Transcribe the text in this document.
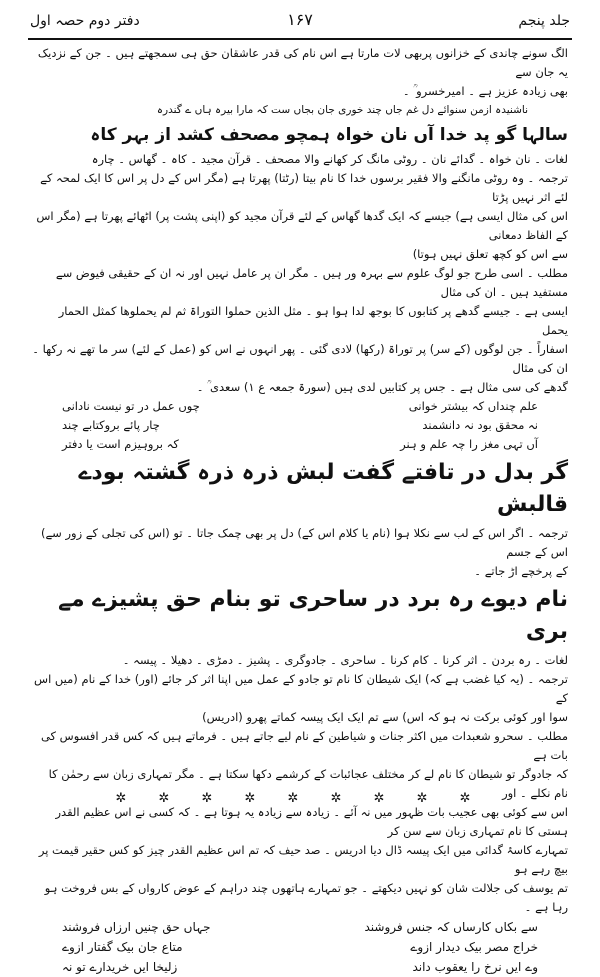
جلد پنجم
۱۶۷
دفتر دوم حصہ اول

الگ سونے چاندی کے خزانوں پربھی لات مارتا ہے اس نام کی قدر عاشقان حق ہی سمجھتے ہیں ۔ جن کے نزدیک یہ جان سے

بھی زیادہ عزیز ہے ۔ امیرخسرو ؒ ۔

ناشنیدہ ازمن سنوائے دل غم جاں چند خوری جان بجاں ست کہ مارا بیرہ ہاں ے گندرہ

سالہا گو پد خدا آں نان خواہ ہمچو مصحف کشد از بہر کاہ

لغات ۔ نان خواہ ۔ گدائے نان ۔ روٹی مانگ کر کھانے والا مصحف ۔ قرآن مجید ۔ کاہ ۔ گھاس ۔ چارہ

ترجمہ ۔ وہ روٹی مانگنے والا فقیر برسوں خدا کا نام بیتا (رٹتا) پھرتا ہے (مگر اس کے دل پر اس کا ایک لمحہ کے لئے اثر نہیں پڑتا

اس کی مثال ایسی ہے) جیسے کہ ایک گدھا گھاس کے لئے قرآن مجید کو (اپنی پشت پر) اٹھائے پھرتا ہے (مگر اس کے الفاظ دمعانی

سے اس کو کچھ تعلق نہیں ہوتا)

مطلب ۔ اسی طرح جو لوگ علوم سے بہرہ ور ہیں ۔ مگر ان پر عامل نہیں اور نہ ان کے حقیقی فیوض سے مستفید ہیں ۔ ان کی مثال

ایسی ہے ۔ جیسے گدھے پر کتابوں کا بوجھ لدا ہوا ہو ۔ مثل الذین حملوا التوراۃ ثم لم یحملوھا کمثل الحمار یحمل

اسفاراً ۔ جن لوگوں (کے سر) پر توراۃ (رکھا) لادی گئی ۔ پھر انہوں نے اس کو (عمل کے لئے) سر ما تھے نہ رکھا ۔ ان کی مثال

گدھے کی سی مثال ہے ۔ جس پر کتابیں لدی ہیں (سورۃ جمعہ ع ۱) سعدی ؒ ۔

علم چنداں کہ بیشتر خوانی
چوں عمل در تو نیست نادانی
نہ محقق بود نہ دانشمند
چار پائے بروکتابے چند
آں تہی مغز را چہ علم و ہنر
کہ بروہیزم است یا دفتر

گر بدل در تافتے گفت لبش ذرہ ذرہ گشتہ بودے قالبش

ترجمہ ۔ اگر اس کے لب سے نکلا ہوا (نام یا کلام اس کے) دل پر بھی چمک جاتا ۔ تو (اس کی تجلی کے زور سے) اس کے جسم

کے پرخچے اڑ جاتے ۔

نام دیوے رہ برد در ساحری تو بنام حق پشیزے مے بری

لغات ۔ رہ بردن ۔ اثر کرنا ۔ کام کرنا ۔ ساحری ۔ جادوگری ۔ پشیز ۔ دمڑی ۔ دھیلا ۔ پیسہ ۔

ترجمہ ۔ (یہ کیا غضب ہے کہ) ایک شیطان کا نام تو جادو کے عمل میں اپنا اثر کر جائے (اور) خدا کے نام (میں اس کے

سوا اور کوئی برکت نہ ہو کہ اس) سے تم ایک ایک پیسہ کماتے پھرو (ادریس)

مطلب ۔ سحرو شعبدات میں اکثر جنات و شیاطین کے نام لیے جاتے ہیں ۔ فرماتے ہیں کہ کس قدر افسوس کی بات ہے

کہ جادوگر تو شیطان کا نام لے کر مختلف عجائبات کے کرشمے دکھا سکتا ہے ۔ مگر تمہاری زبان سے رحمٰن کا نام نکلے ۔ اور

اس سے کوئی بھی عجیب بات ظہور میں نہ آئے ۔ زیادہ سے زیادہ یہ ہوتا ہے ۔ کہ کسی نے اس عظیم القدر ہستی کا نام تمہاری زبان سے سن کر

تمہارے کاسۂ گدائی میں ایک پیسہ ڈال دیا ادریس ۔ صد حیف کہ تم اس عظیم القدر چیز کو کس حقیر قیمت پر بیچ رہے ہو

تم یوسف کی جلالت شان کو نہیں دیکھتے ۔ جو تمہارے ہاتھوں چند دراہم کے عوض کارواں کے بس فروخت ہو رہا ہے ۔

سے بکاں کارساں کہ جنس فروشند
جہاں حق چنیں ارزاں فروشند
خراج مصر بیک دیدار ازوے
متاع جان بیک گفتار ازوے
وے ایں نرخ را یعقوب داند
زلیخا ایں خریدارے تو نہ
✲ ✲ ✲ ✲ ✲ ✲ ✲ ✲ ✲
